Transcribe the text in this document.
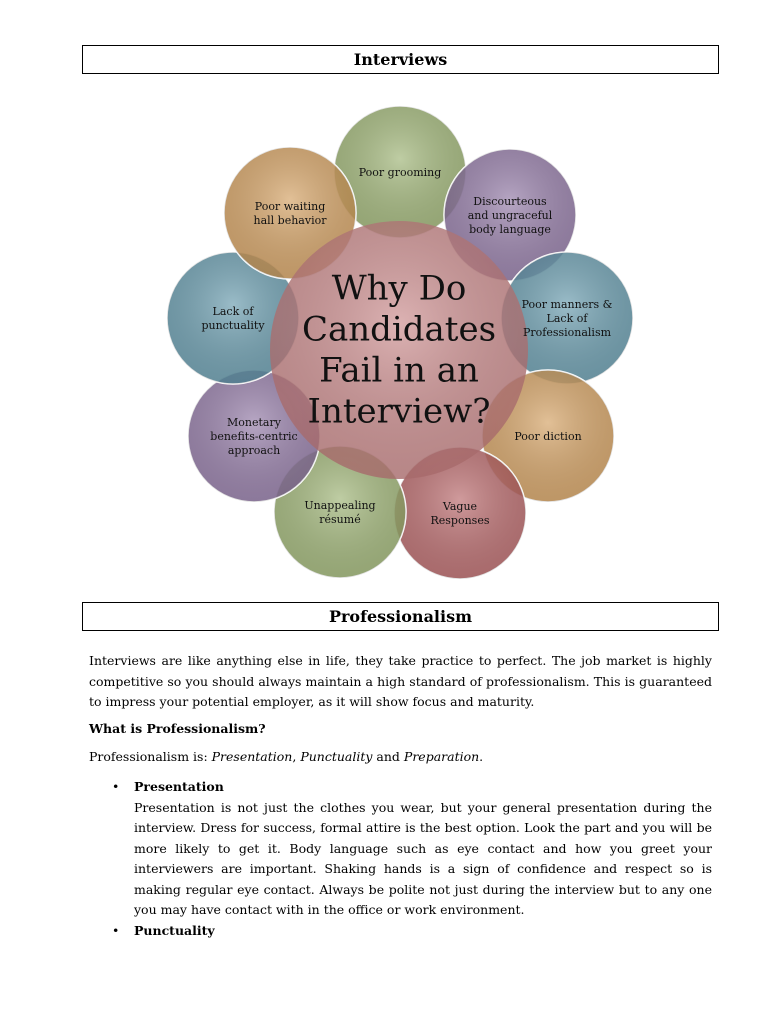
Interviews
Why Do
Candidates
Fail in an
Interview?
Poor grooming
Discourteous
and ungraceful
body language
Poor manners &
Lack of
Professionalism
Poor diction
Vague
Responses
Unappealing
résumé
Monetary
benefits-centric
approach
Lack of
punctuality
Poor waiting
hall behavior
Professionalism

Interviews are like anything else in life, they take practice to perfect. The job market is highly competitive so you should always maintain a high standard of professionalism. This is guaranteed to impress your potential employer, as it will show focus and maturity.

What is Professionalism?
Professionalism is: Presentation, Punctuality and Preparation.
• Presentation
Presentation is not just the clothes you wear, but your general presentation during the interview. Dress for success, formal attire is the best option. Look the part and you will be more likely to get it. Body language such as eye contact and how you greet your interviewers are important. Shaking hands is a sign of confidence and respect so is making regular eye contact. Always be polite not just during the interview but to any one you may have contact with in the office or work environment.
• Punctuality
